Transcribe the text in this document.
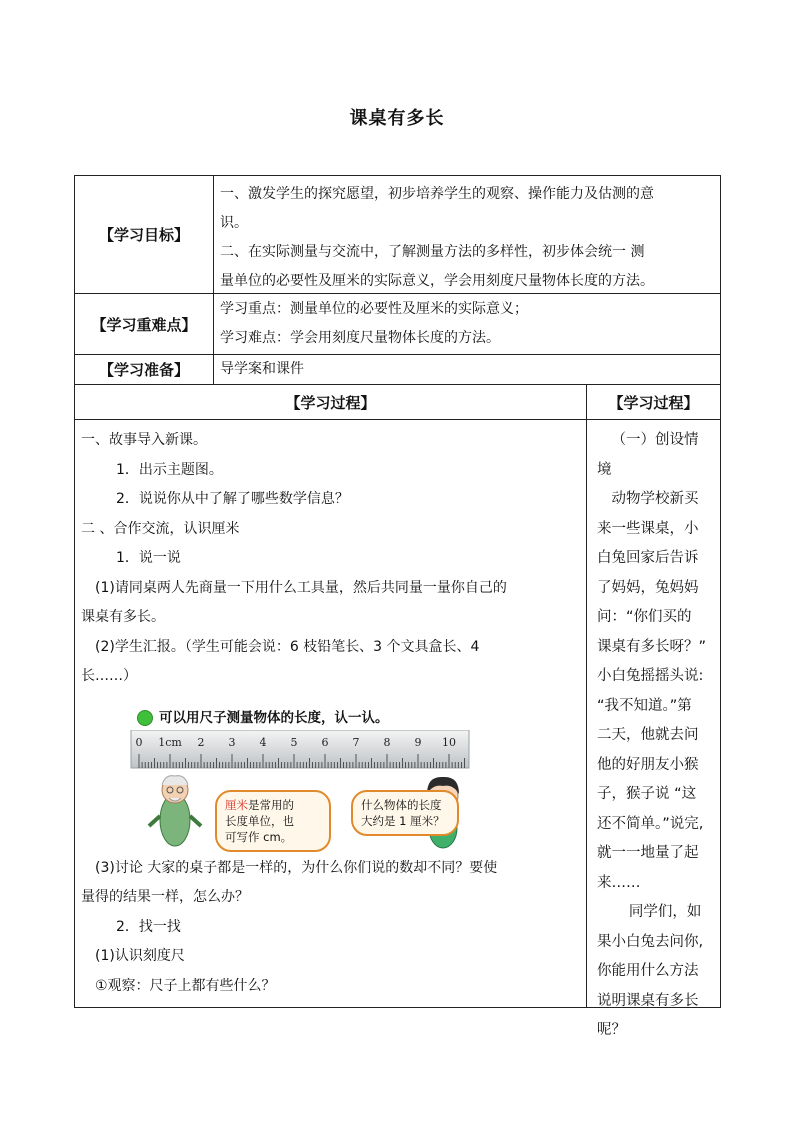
课桌有多长
【学习目标】

一、激发学生的探究愿望，初步培养学生的观察、操作能力及估测的意

识。

二、在实际测量与交流中，了解测量方法的多样性，初步体会统一 测

量单位的必要性及厘米的实际意义，学会用刻度尺量物体长度的方法。

【学习重难点】

学习重点：测量单位的必要性及厘米的实际意义；

学习难点：学会用刻度尺量物体长度的方法。

【学习准备】	导学案和课件
【学习过程】	【学习过程】

一、故事导入新课。

1．出示主题图。

2．说说你从中了解了哪些数学信息？

二 、合作交流，认识厘米

1．说一说

(1)请同桌两人先商量一下用什么工具量，然后共同量一量你自己的

课桌有多长。

(2)学生汇报。（学生可能会说：6 枝铅笔长、3 个文具盒长、4

长……）

可以用尺子测量物体的长度，认一认。
0 1cm 2 3 4 5 6 7 8 9 10
厘米是常用的
长度单位，也
可写作 cm。
什么物体的长度
大约是 1 厘米？

(3)讨论 大家的桌子都是一样的，为什么你们说的数却不同？要使

量得的结果一样，怎么办？

2．找一找

(1)认识刻度尺

①观察：尺子上都有些什么？

（一）创设情境

动物学校新买

来一些课桌，小

白兔回家后告诉

了妈妈，兔妈妈

问：“你们买的

课桌有多长呀？”

小白兔摇摇头说:

“我不知道。”第

二天，他就去问

他的好朋友小猴

子，猴子说 “这

还不简单。”说完,

就一一地量了起

来……

同学们，如

果小白兔去问你,

你能用什么方法

说明课桌有多长

呢？
